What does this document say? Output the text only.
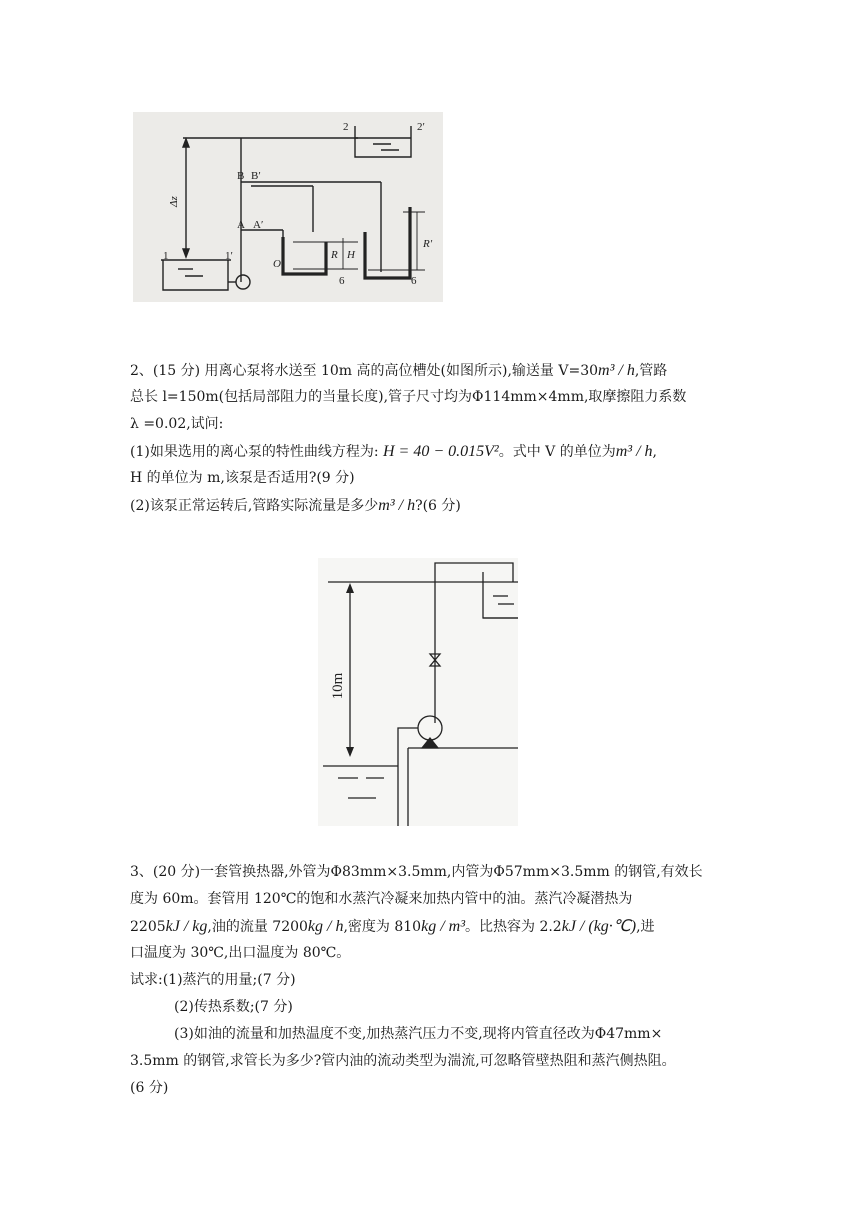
1	1′
2	2′
B B′
A A′
O
R H
R′
6	6
Δz
2、(15 分) 用离心泵将水送至 10m 高的高位槽处(如图所示),输送量 V=30m³ / h,管路
总长 l=150m(包括局部阻力的当量长度),管子尺寸均为Φ114mm×4mm,取摩擦阻力系数
λ =0.02,试问:
(1)如果选用的离心泵的特性曲线方程为: H = 40 − 0.015V²。式中 V 的单位为m³ / h,
H 的单位为 m,该泵是否适用?(9 分)
(2)该泵正常运转后,管路实际流量是多少m³ / h?(6 分)
10m
3、(20 分)一套管换热器,外管为Φ83mm×3.5mm,内管为Φ57mm×3.5mm 的钢管,有效长
度为 60m。套管用 120℃的饱和水蒸汽冷凝来加热内管中的油。蒸汽冷凝潜热为
2205kJ / kg,油的流量 7200kg / h,密度为 810kg / m³。比热容为 2.2kJ / (kg·℃),进
口温度为 30℃,出口温度为 80℃。
试求:(1)蒸汽的用量;(7 分)
(2)传热系数;(7 分)
(3)如油的流量和加热温度不变,加热蒸汽压力不变,现将内管直径改为Φ47mm×
3.5mm 的钢管,求管长为多少?管内油的流动类型为湍流,可忽略管壁热阻和蒸汽侧热阻。
(6 分)
